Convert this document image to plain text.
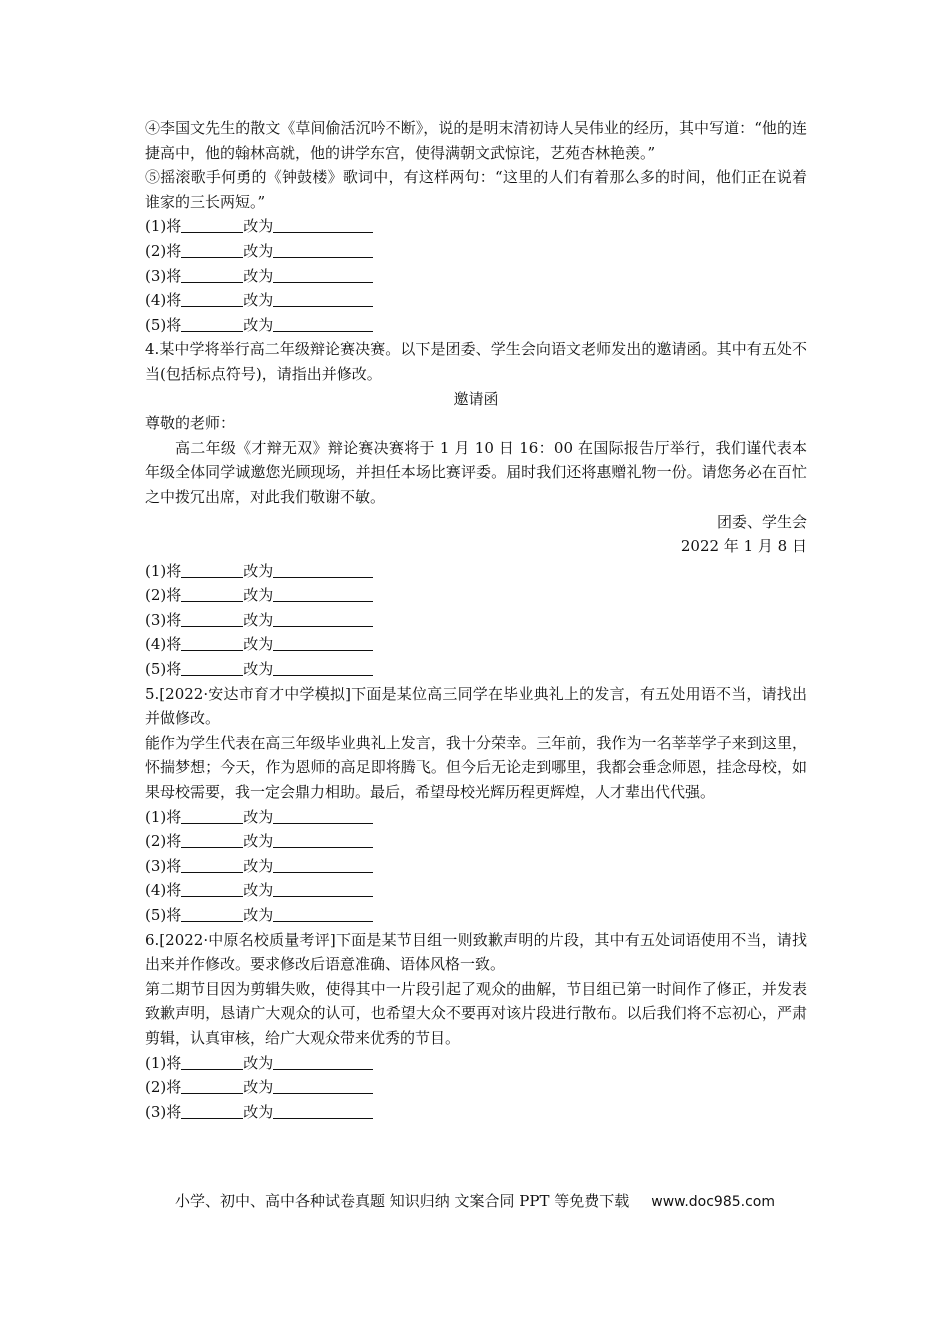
④李国文先生的散文《草间偷活沉吟不断》，说的是明末清初诗人吴伟业的经历，其中写道：“他的连捷高中，他的翰林高就，他的讲学东宫，使得满朝文武惊诧，艺苑杏林艳羡。”

⑤摇滚歌手何勇的《钟鼓楼》歌词中，有这样两句：“这里的人们有着那么多的时间，他们正在说着谁家的三长两短。”

(1)将	改为

(2)将	改为

(3)将	改为

(4)将	改为

(5)将	改为

4.某中学将举行高二年级辩论赛决赛。以下是团委、学生会向语文老师发出的邀请函。其中有五处不当(包括标点符号)，请指出并修改。

邀请函

尊敬的老师：

高二年级《才辩无双》辩论赛决赛将于 1 月 10 日 16：00 在国际报告厅举行，我们谨代表本年级全体同学诚邀您光顾现场，并担任本场比赛评委。届时我们还将惠赠礼物一份。请您务必在百忙之中拨冗出席，对此我们敬谢不敏。

团委、学生会

2022 年 1 月 8 日

(1)将	改为

(2)将	改为

(3)将	改为

(4)将	改为

(5)将	改为

5.[2022·安达市育才中学模拟]下面是某位高三同学在毕业典礼上的发言，有五处用语不当，请找出并做修改。

能作为学生代表在高三年级毕业典礼上发言，我十分荣幸。三年前，我作为一名莘莘学子来到这里，怀揣梦想；今天，作为恩师的高足即将腾飞。但今后无论走到哪里，我都会垂念师恩，挂念母校，如果母校需要，我一定会鼎力相助。最后，希望母校光辉历程更辉煌，人才辈出代代强。

(1)将	改为

(2)将	改为

(3)将	改为

(4)将	改为

(5)将	改为

6.[2022·中原名校质量考评]下面是某节目组一则致歉声明的片段，其中有五处词语使用不当，请找出来并作修改。要求修改后语意准确、语体风格一致。

第二期节目因为剪辑失败，使得其中一片段引起了观众的曲解，节目组已第一时间作了修正，并发表致歉声明，恳请广大观众的认可，也希望大众不要再对该片段进行散布。以后我们将不忘初心，严肃剪辑，认真审核，给广大观众带来优秀的节目。

(1)将	改为

(2)将	改为

(3)将	改为

小学、初中、高中各种试卷真题 知识归纳 文案合同 PPT 等免费下载 www.doc985.com
